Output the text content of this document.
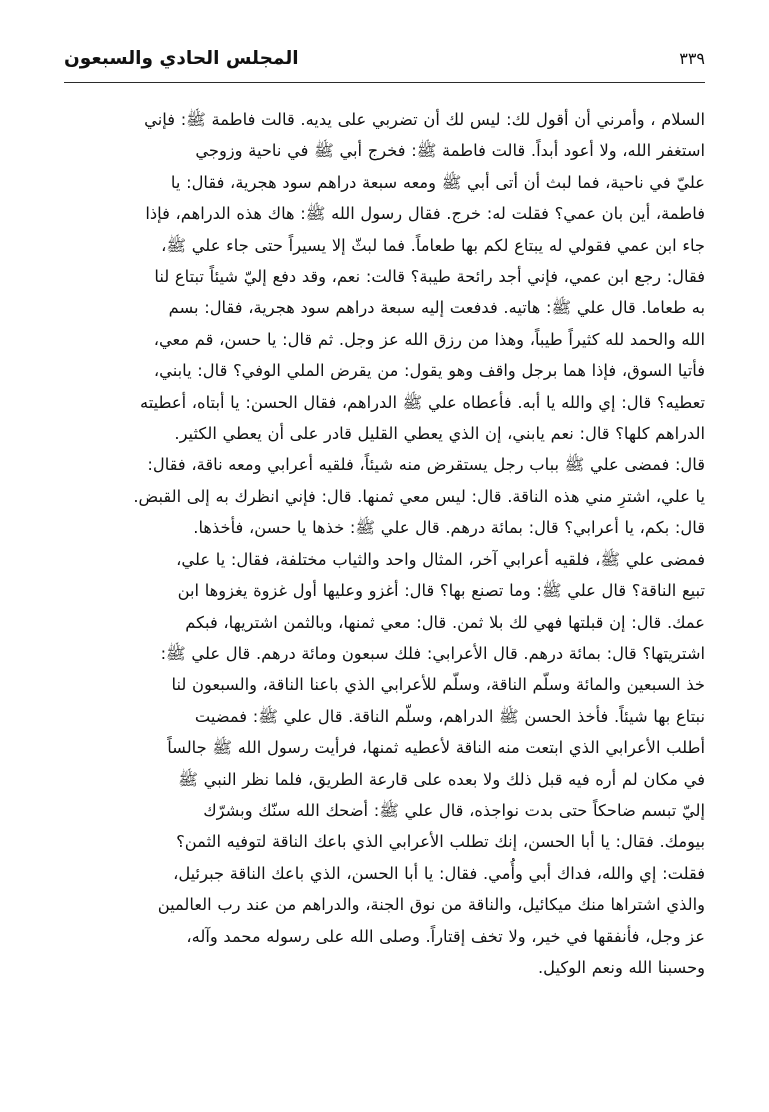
المجلس الحادي والسبعون	٣٣٩

السلام ، وأمرني أن أقول لك: ليس لك أن تضربي على يديه. قالت فاطمة ﷺ: فإني
استغفر الله، ولا أعود أبداً. قالت فاطمة ﷺ: فخرج أبي ﷺ في ناحية وزوجي
عليّ في ناحية، فما لبث أن أتى أبي ﷺ ومعه سبعة دراهم سود هجرية، فقال: يا
فاطمة، أين بان عمي؟ فقلت له: خرج. فقال رسول الله ﷺ: هاك هذه الدراهم، فإذا
جاء ابن عمي فقولي له يبتاع لكم بها طعاماً. فما لبثّ إلا يسيراً حتى جاء علي ﷺ،
فقال: رجع ابن عمي، فإني أجد رائحة طيبة؟ قالت: نعم، وقد دفع إليّ شيئاً تبتاع لنا
به طعاما. قال علي ﷺ: هاتيه. فدفعت إليه سبعة دراهم سود هجرية، فقال: بسم
الله والحمد لله كثيراً طيباً، وهذا من رزق الله عز وجل. ثم قال: يا حسن، قم معي،
فأتيا السوق، فإذا هما برجل واقف وهو يقول: من يقرض الملي الوفي؟ قال: يابني،
تعطيه؟ قال: إي والله يا أبه. فأعطاه علي ﷺ الدراهم، فقال الحسن: يا أبتاه، أعطيته
الدراهم كلها؟ قال: نعم يابني، إن الذي يعطي القليل قادر على أن يعطي الكثير.
قال: فمضى علي ﷺ بباب رجل يستقرض منه شيئاً، فلقيه أعرابي ومعه ناقة، فقال:
يا علي، اشترِ مني هذه الناقة. قال: ليس معي ثمنها. قال: فإني انظرك به إلى القبض.
قال: بكم، يا أعرابي؟ قال: بمائة درهم. قال علي ﷺ: خذها يا حسن، فأخذها.
فمضى علي ﷺ، فلقيه أعرابي آخر، المثال واحد والثياب مختلفة، فقال: يا علي،
تبيع الناقة؟ قال علي ﷺ: وما تصنع بها؟ قال: أغزو وعليها أول غزوة يغزوها ابن
عمك. قال: إن قبلتها فهي لك بلا ثمن. قال: معي ثمنها، وبالثمن اشتريها، فبكم
اشتريتها؟ قال: بمائة درهم. قال الأعرابي: فلك سبعون ومائة درهم. قال علي ﷺ:
خذ السبعين والمائة وسلّم الناقة، وسلّم للأعرابي الذي باعنا الناقة، والسبعون لنا
نبتاع بها شيئاً. فأخذ الحسن ﷺ الدراهم، وسلّم الناقة. قال علي ﷺ: فمضيت
أطلب الأعرابي الذي ابتعت منه الناقة لأعطيه ثمنها، فرأيت رسول الله ﷺ جالساً
في مكان لم أره فيه قبل ذلك ولا بعده على قارعة الطريق، فلما نظر النبي ﷺ
إليّ تبسم ضاحكاً حتى بدت نواجذه، قال علي ﷺ: أضحك الله سنّك وبشرّك
بيومك. فقال: يا أبا الحسن، إنك تطلب الأعرابي الذي باعك الناقة لتوفيه الثمن؟
فقلت: إي والله، فداك أبي وأُمي. فقال: يا أبا الحسن، الذي باعك الناقة جبرئيل،
والذي اشتراها منك ميكائيل، والناقة من نوق الجنة، والدراهم من عند رب العالمين
عز وجل، فأنفقها في خير، ولا تخف إقتاراً. وصلى الله على رسوله محمد وآله،
وحسبنا الله ونعم الوكيل.
